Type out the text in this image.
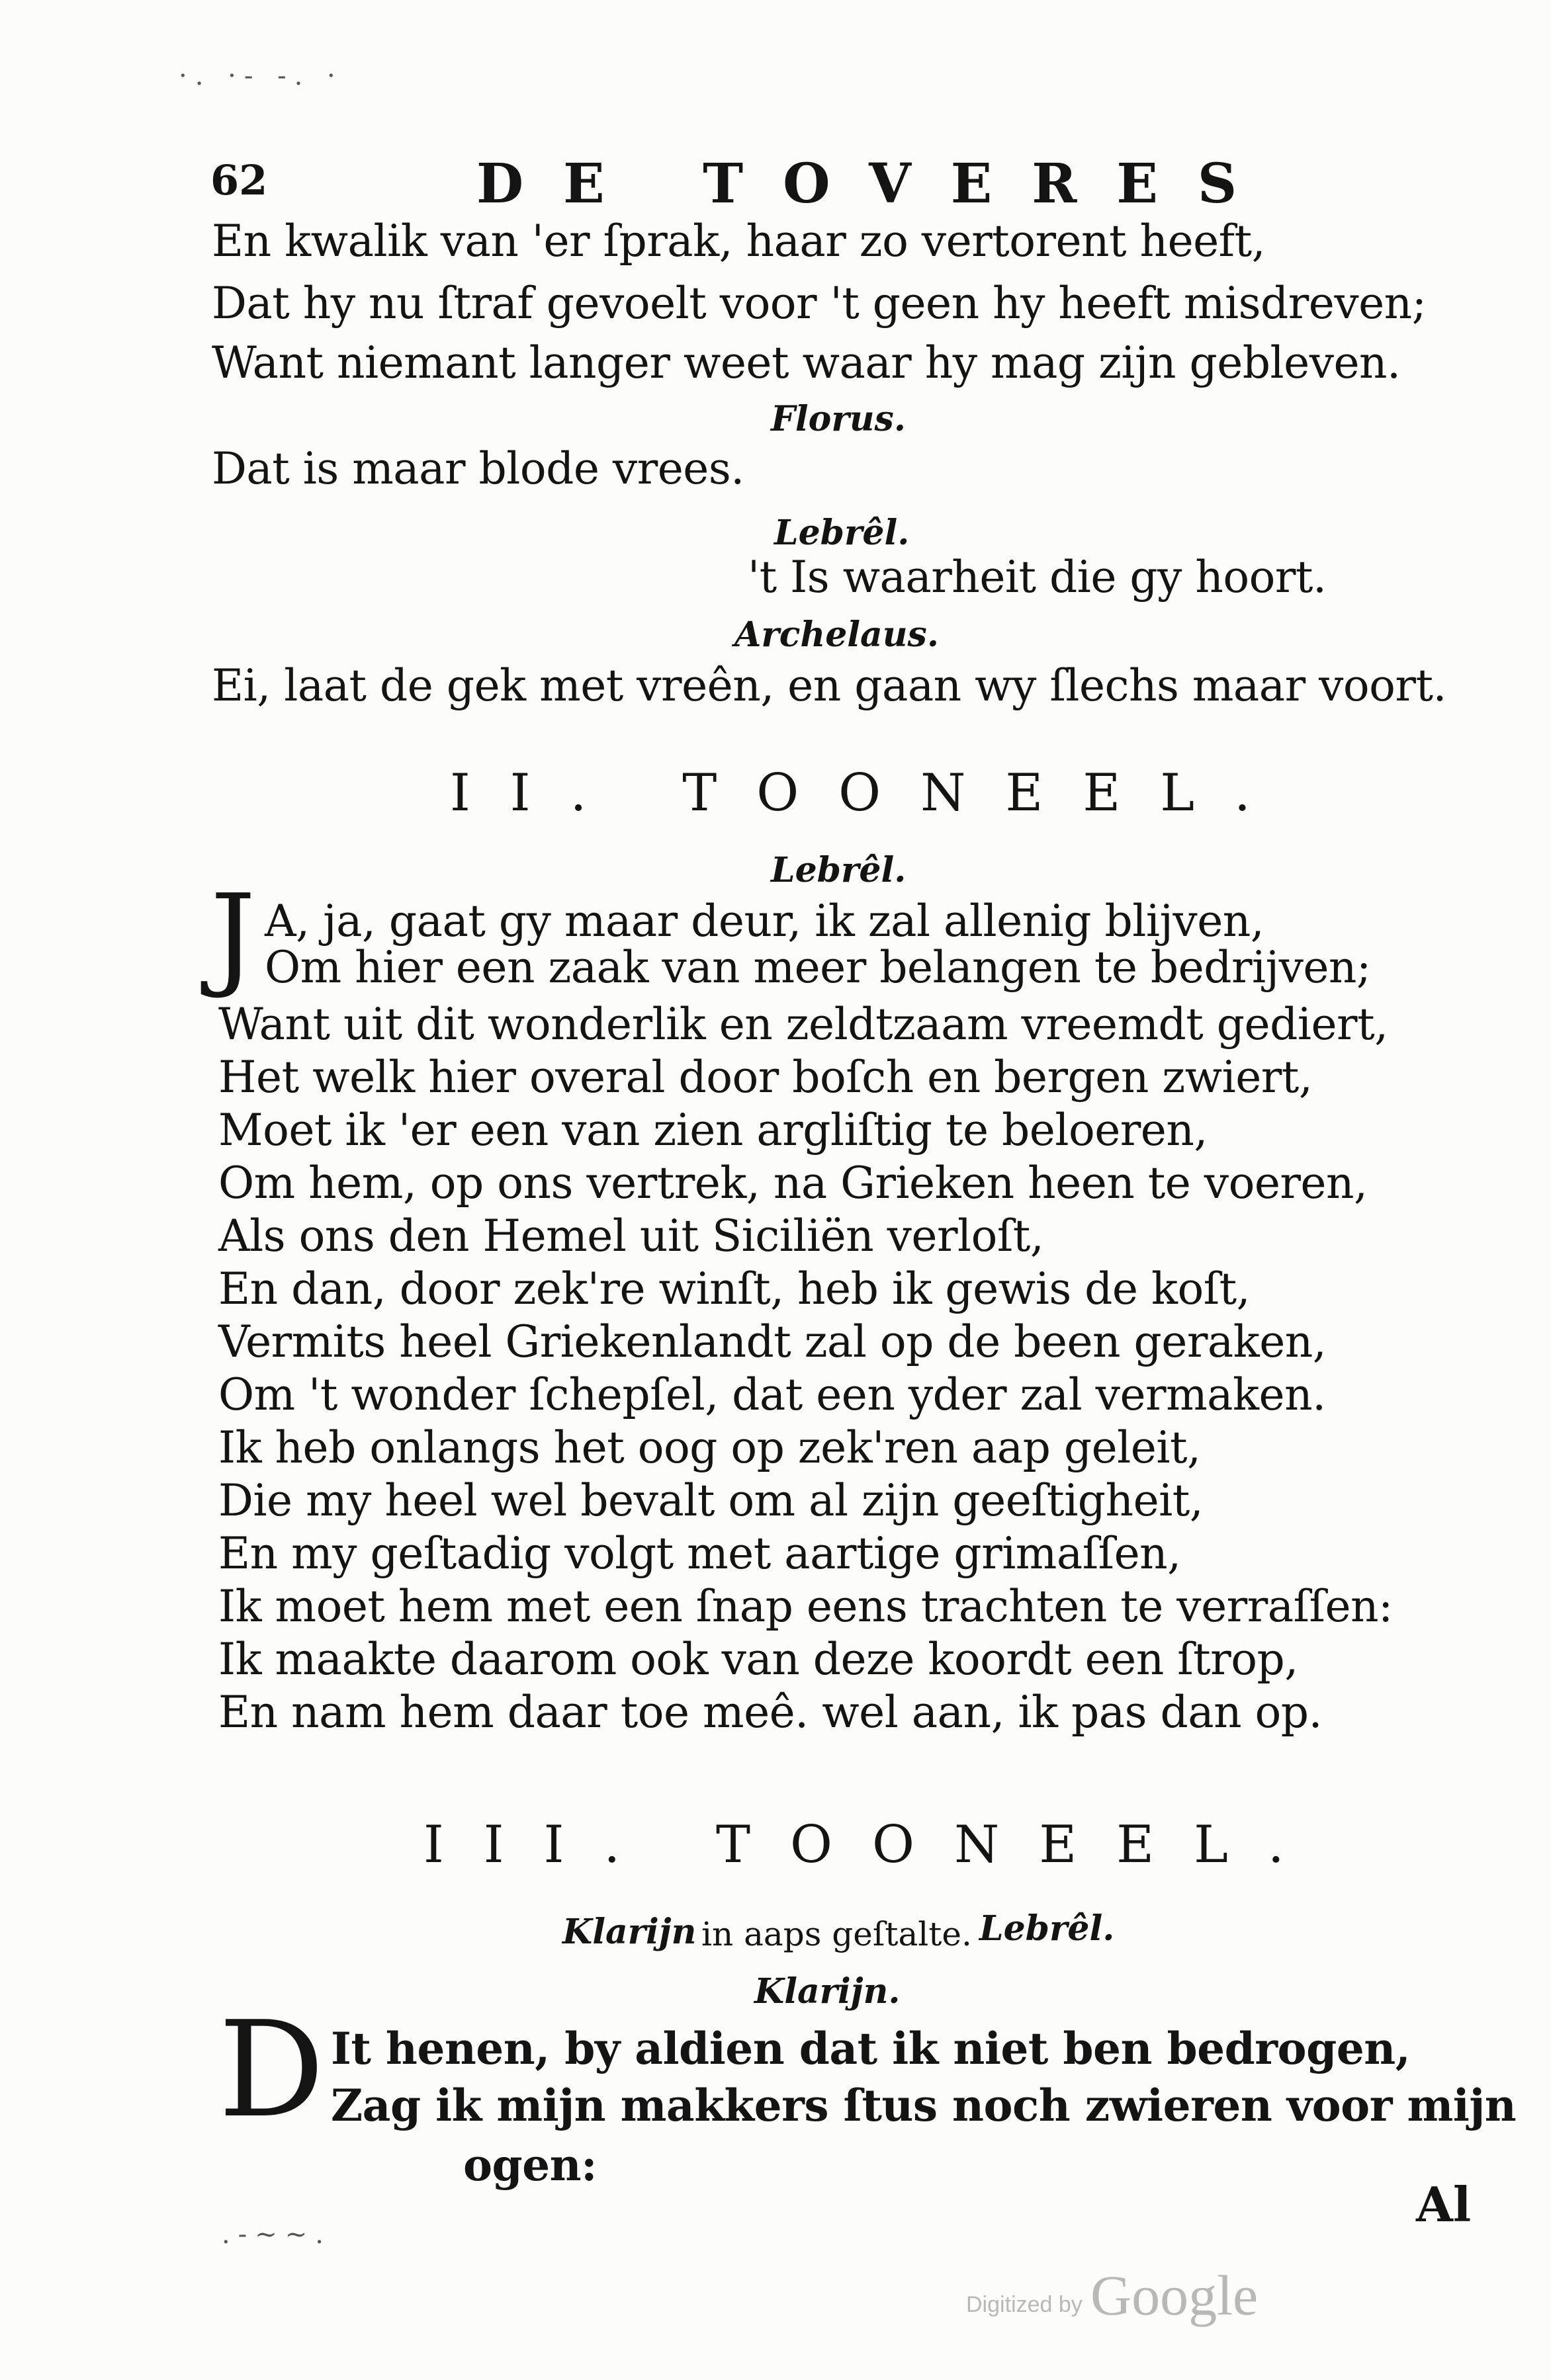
·. ·- -. ·
.-~~.
62	DE TOVERES
En kwalik van 'er ſprak, haar zo vertorent heeft,
Dat hy nu ſtraf gevoelt voor 't geen hy heeft misdreven;
Want niemant langer weet waar hy mag zijn gebleven.
Florus.
Dat is maar blode vrees.
Lebrêl.
't Is waarheit die gy hoort.
Archelaus.
Ei, laat de gek met vreên, en gaan wy ſlechs maar voort.
II. TOONEEL.
Lebrêl.
J A, ja, gaat gy maar deur, ik zal allenig blijven,
Om hier een zaak van meer belangen te bedrijven;
Want uit dit wonderlik en zeldtzaam vreemdt gediert,
Het welk hier overal door boſch en bergen zwiert,
Moet ik 'er een van zien argliſtig te beloeren,
Om hem, op ons vertrek, na Grieken heen te voeren,
Als ons den Hemel uit Siciliën verloſt,
En dan, door zek're winſt, heb ik gewis de koſt,
Vermits heel Griekenlandt zal op de been geraken,
Om 't wonder ſchepſel, dat een yder zal vermaken.
Ik heb onlangs het oog op zek'ren aap geleit,
Die my heel wel bevalt om al zijn geeſtigheit,
En my geſtadig volgt met aartige grimaſſen,
Ik moet hem met een ſnap eens trachten te verraſſen:
Ik maakte daarom ook van deze koordt een ſtrop,
En nam hem daar toe meê. wel aan, ik pas dan op.
III. TOONEEL.
Klarijn in aaps geſtalte. Lebrêl.
Klarijn.
D It henen, by aldien dat ik niet ben bedrogen,
Zag ik mijn makkers ſtus noch zwieren voor mijn
ogen:
Al
Digitized by Google
